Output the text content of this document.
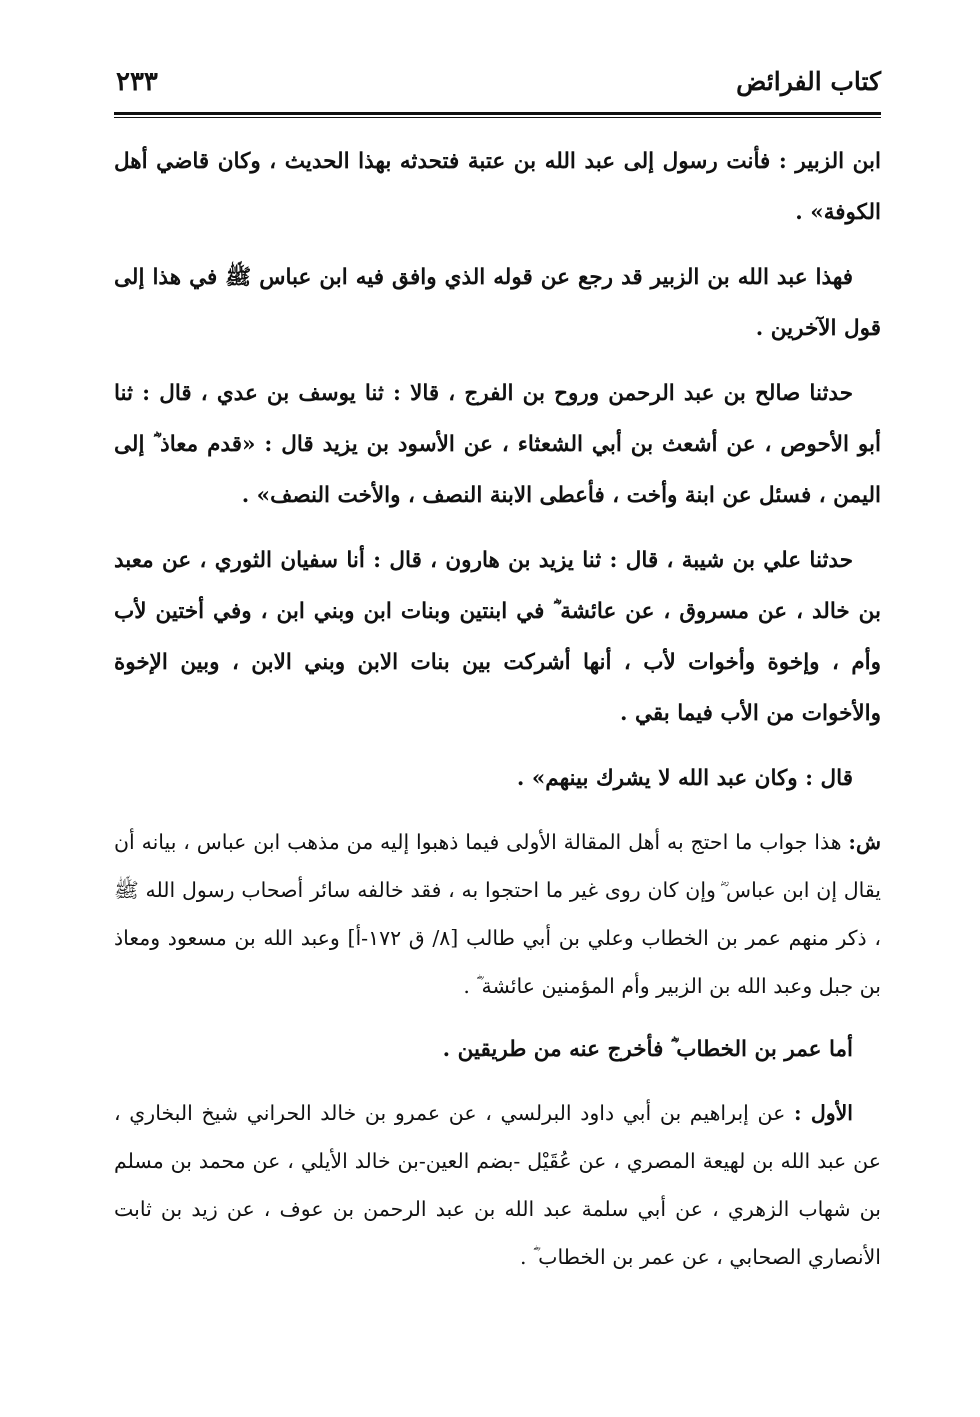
كتاب الفرائض
٢٣٣

ابن الزبير : فأنت رسول إلى عبد الله بن عتبة فتحدثه بهذا الحديث ، وكان قاضي أهل الكوفة» .

فهذا عبد الله بن الزبير قد رجع عن قوله الذي وافق فيه ابن عباس ﷺ في هذا إلى قول الآخرين .

حدثنا صالح بن عبد الرحمن وروح بن الفرج ، قالا : ثنا يوسف بن عدي ، قال : ثنا أبو الأحوص ، عن أشعث بن أبي الشعثاء ، عن الأسود بن يزيد قال : «قدم معاذ ؓ إلى اليمن ، فسئل عن ابنة وأخت ، فأعطى الابنة النصف ، والأخت النصف» .

حدثنا علي بن شيبة ، قال : ثنا يزيد بن هارون ، قال : أنا سفيان الثوري ، عن معبد بن خالد ، عن مسروق ، عن عائشة ؓ في ابنتين وبنات ابن وبني ابن ، وفي أختين لأب وأم ، وإخوة وأخوات لأب ، أنها أشركت بين بنات الابن وبني الابن ، وبين الإخوة والأخوات من الأب فيما بقي .

قال : وكان عبد الله لا يشرك بينهم» .

ش: هذا جواب ما احتج به أهل المقالة الأولى فيما ذهبوا إليه من مذهب ابن عباس ، بيانه أن يقال إن ابن عباس ؓ وإن كان روى غير ما احتجوا به ، فقد خالفه سائر أصحاب رسول الله ﷺ ، ذكر منهم عمر بن الخطاب وعلي بن أبي طالب [٨/ ق ١٧٢-أ] وعبد الله بن مسعود ومعاذ بن جبل وعبد الله بن الزبير وأم المؤمنين عائشة ؓ .

أما عمر بن الخطاب ؓ فأخرج عنه من طريقين .

الأول : عن إبراهيم بن أبي داود البرلسي ، عن عمرو بن خالد الحراني شيخ البخاري ، عن عبد الله بن لهيعة المصري ، عن عُقَيْل -بضم العين-بن خالد الأيلي ، عن محمد بن مسلم بن شهاب الزهري ، عن أبي سلمة عبد الله بن عبد الرحمن بن عوف ، عن زيد بن ثابت الأنصاري الصحابي ، عن عمر بن الخطاب ؓ .
